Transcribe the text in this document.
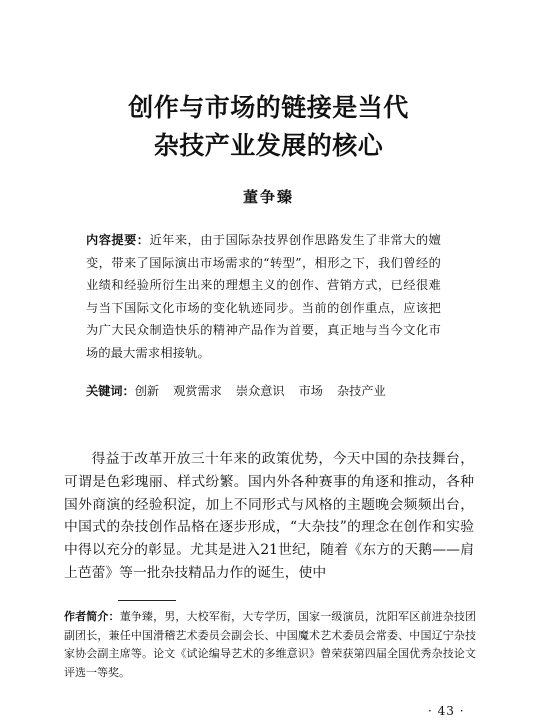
创作与市场的链接是当代
杂技产业发展的核心
董争臻
内容提要：近年来，由于国际杂技界创作思路发生了非常大的嬗变，带来了国际演出市场需求的“转型”，相形之下，我们曾经的业绩和经验所衍生出来的理想主义的创作、营销方式，已经很难与当下国际文化市场的变化轨迹同步。当前的创作重点，应该把为广大民众制造快乐的精神产品作为首要，真正地与当今文化市场的最大需求相接轨。
关键词：创新 观赏需求 崇众意识 市场 杂技产业

得益于改革开放三十年来的政策优势，今天中国的杂技舞台，可谓是色彩瑰丽、样式纷繁。国内外各种赛事的角逐和推动，各种国外商演的经验积淀，加上不同形式与风格的主题晚会频频出台，中国式的杂技创作品格在逐步形成，“大杂技”的理念在创作和实验中得以充分的彰显。尤其是进入21世纪，随着《东方的天鹅——肩上芭蕾》等一批杂技精品力作的诞生，使中

作者简介：董争臻，男，大校军衔，大专学历，国家一级演员，沈阳军区前进杂技团副团长，兼任中国滑稽艺术委员会副会长、中国魔术艺术委员会常委、中国辽宁杂技家协会副主席等。论文《试论编导艺术的多维意识》曾荣获第四届全国优秀杂技论文评选一等奖。
· 43 ·
